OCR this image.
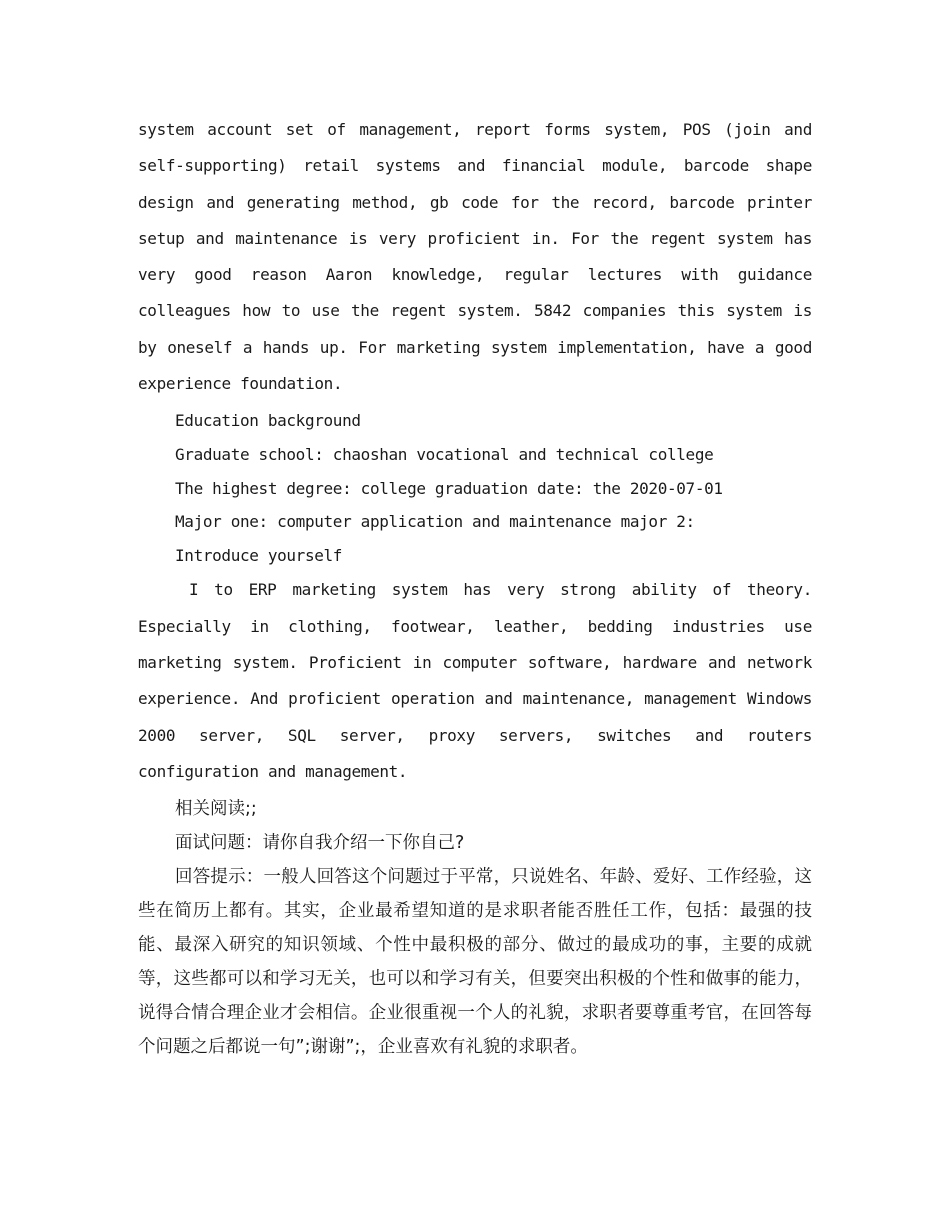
system account set of management, report forms system, POS (join and self-supporting) retail systems and financial module, barcode shape design and generating method, gb code for the record, barcode printer setup and maintenance is very proficient in. For the regent system has very good reason Aaron knowledge, regular lectures with guidance colleagues how to use the regent system. 5842 companies this system is by oneself a hands up. For marketing system implementation, have a good experience foundation.

Education background

Graduate school: chaoshan vocational and technical college

The highest degree: college graduation date: the 2020-07-01

Major one: computer application and maintenance major 2:

Introduce yourself

I to ERP marketing system has very strong ability of theory. Especially in clothing, footwear, leather, bedding industries use marketing system. Proficient in computer software, hardware and network experience. And proficient operation and maintenance, management Windows 2000 server, SQL server, proxy servers, switches and routers configuration and management.

相关阅读;;

面试问题：请你自我介绍一下你自己?

回答提示：一般人回答这个问题过于平常，只说姓名、年龄、爱好、工作经验，这些在简历上都有。其实，企业最希望知道的是求职者能否胜任工作，包括：最强的技能、最深入研究的知识领域、个性中最积极的部分、做过的最成功的事，主要的成就等，这些都可以和学习无关，也可以和学习有关，但要突出积极的个性和做事的能力，说得合情合理企业才会相信。企业很重视一个人的礼貌，求职者要尊重考官，在回答每个问题之后都说一句”;谢谢”;，企业喜欢有礼貌的求职者。
